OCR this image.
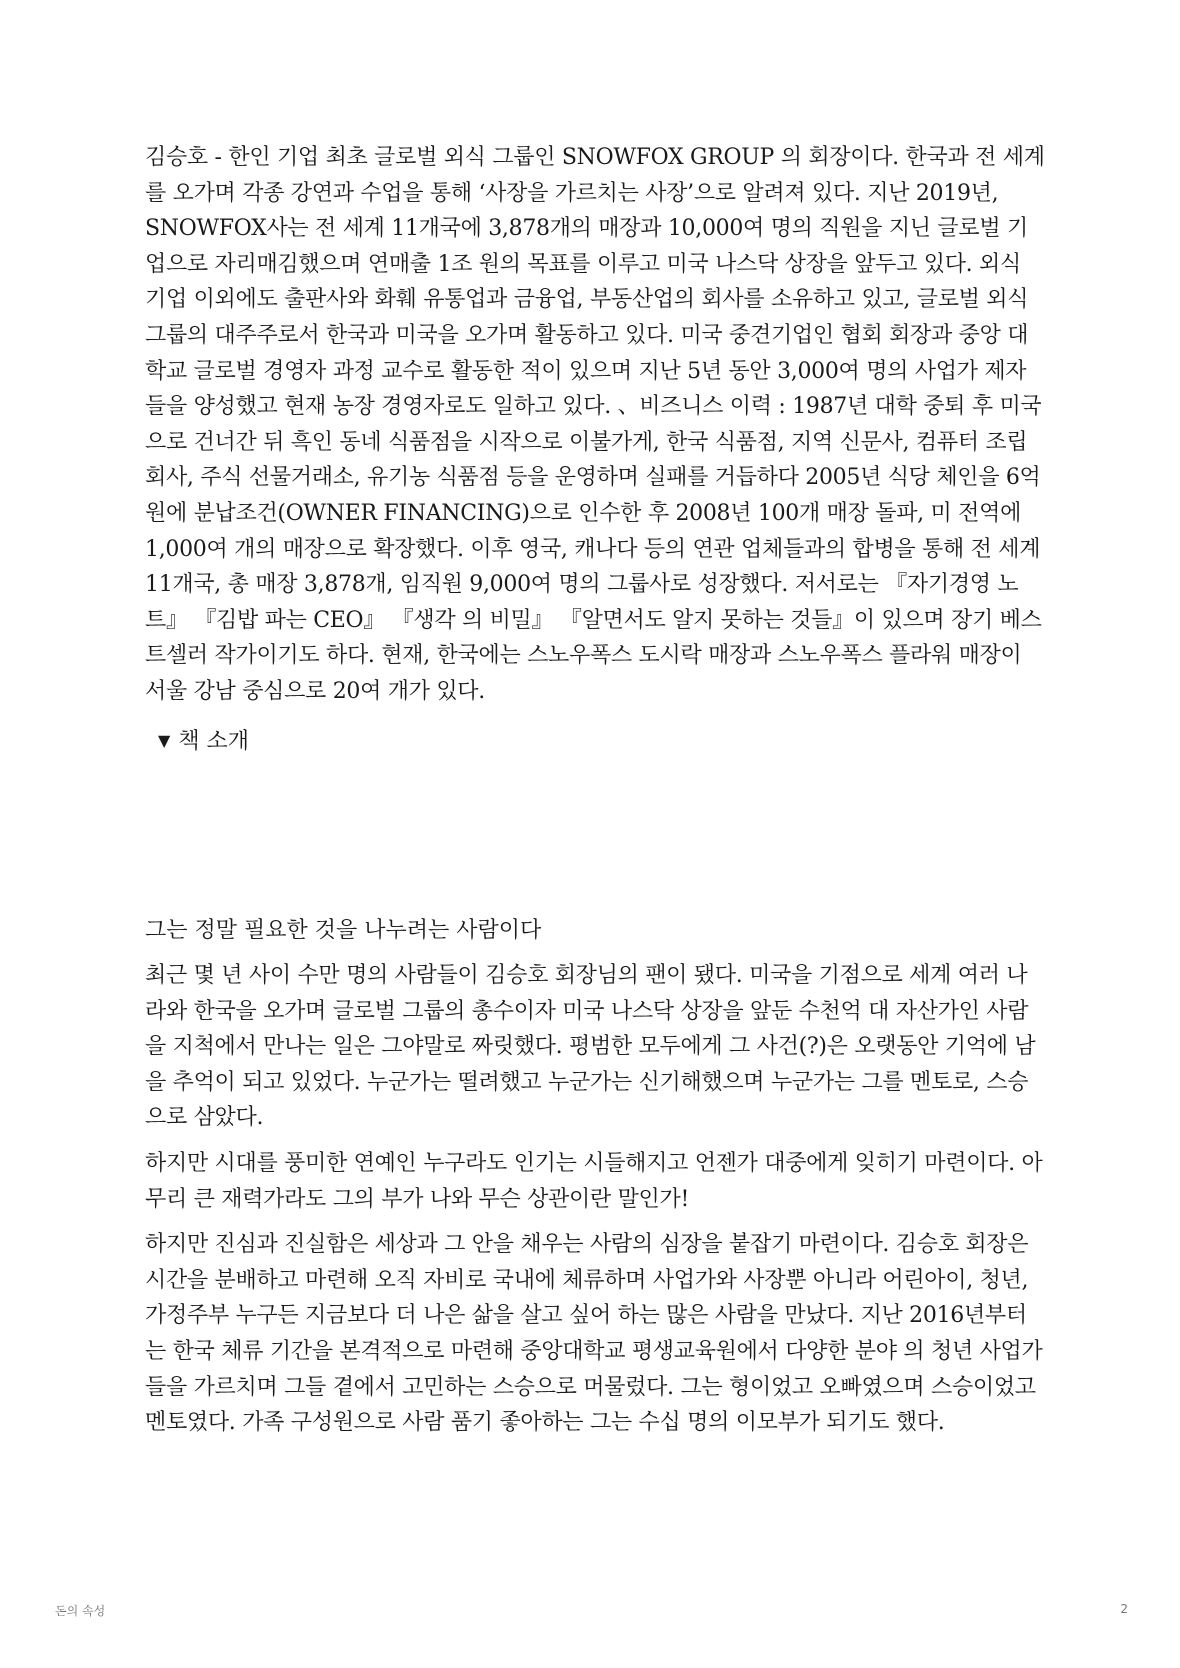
김승호 - 한인 기업 최초 글로벌 외식 그룹인 SNOWFOX GROUP 의 회장이다. 한국과 전 세계를 오가며 각종 강연과 수업을 통해 ‘사장을 가르치는 사장’으로 알려져 있다. 지난 2019년, SNOWFOX사는 전 세계 11개국에 3,878개의 매장과 10,000여 명의 직원을 지닌 글로벌 기업으로 자리매김했으며 연매출 1조 원의 목표를 이루고 미국 나스닥 상장을 앞두고 있다. 외식 기업 이외에도 출판사와 화훼 유통업과 금융업, 부동산업의 회사를 소유하고 있고, 글로벌 외식 그룹의 대주주로서 한국과 미국을 오가며 활동하고 있다. 미국 중견기업인 협회 회장과 중앙 대학교 글로벌 경영자 과정 교수로 활동한 적이 있으며 지난 5년 동안 3,000여 명의 사업가 제자들을 양성했고 현재 농장 경영자로도 일하고 있다. 、비즈니스 이력 : 1987년 대학 중퇴 후 미국으로 건너간 뒤 흑인 동네 식품점을 시작으로 이불가게, 한국 식품점, 지역 신문사, 컴퓨터 조립회사, 주식 선물거래소, 유기농 식품점 등을 운영하며 실패를 거듭하다 2005년 식당 체인을 6억 원에 분납조건(OWNER FINANCING)으로 인수한 후 2008년 100개 매장 돌파, 미 전역에 1,000여 개의 매장으로 확장했다. 이후 영국, 캐나다 등의 연관 업체들과의 합병을 통해 전 세계 11개국, 총 매장 3,878개, 임직원 9,000여 명의 그룹사로 성장했다. 저서로는 『자기경영 노트』 『김밥 파는 CEO』 『생각 의 비밀』 『알면서도 알지 못하는 것들』이 있으며 장기 베스트셀러 작가이기도 하다. 현재, 한국에는 스노우폭스 도시락 매장과 스노우폭스 플라워 매장이 서울 강남 중심으로 20여 개가 있다.

▼ 책 소개
그는 정말 필요한 것을 나누려는 사람이다

최근 몇 년 사이 수만 명의 사람들이 김승호 회장님의 팬이 됐다. 미국을 기점으로 세계 여러 나라와 한국을 오가며 글로벌 그룹의 총수이자 미국 나스닥 상장을 앞둔 수천억 대 자산가인 사람을 지척에서 만나는 일은 그야말로 짜릿했다. 평범한 모두에게 그 사건(?)은 오랫동안 기억에 남을 추억이 되고 있었다. 누군가는 떨려했고 누군가는 신기해했으며 누군가는 그를 멘토로, 스승으로 삼았다.

하지만 시대를 풍미한 연예인 누구라도 인기는 시들해지고 언젠가 대중에게 잊히기 마련이다. 아무리 큰 재력가라도 그의 부가 나와 무슨 상관이란 말인가!

하지만 진심과 진실함은 세상과 그 안을 채우는 사람의 심장을 붙잡기 마련이다. 김승호 회장은 시간을 분배하고 마련해 오직 자비로 국내에 체류하며 사업가와 사장뿐 아니라 어린아이, 청년, 가정주부 누구든 지금보다 더 나은 삶을 살고 싶어 하는 많은 사람을 만났다. 지난 2016년부터는 한국 체류 기간을 본격적으로 마련해 중앙대학교 평생교육원에서 다양한 분야 의 청년 사업가들을 가르치며 그들 곁에서 고민하는 스승으로 머물렀다. 그는 형이었고 오빠였으며 스승이었고 멘토였다. 가족 구성원으로 사람 품기 좋아하는 그는 수십 명의 이모부가 되기도 했다.

돈의 속성	2
